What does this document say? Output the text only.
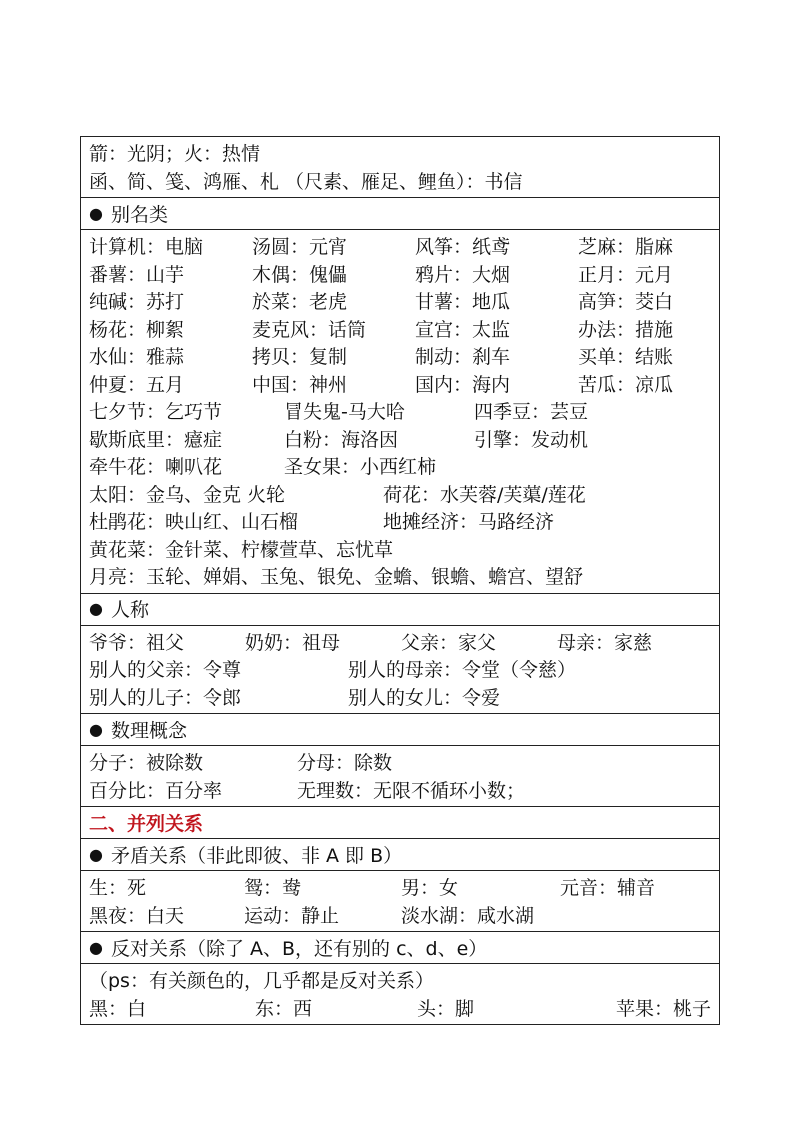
箭：光阴；火：热情
函、简、笺、鸿雁、札 （尺素、雁足、鲤鱼）：书信
● 别名类
计算机：电脑	汤圆：元宵	风筝：纸鸢	芝麻：脂麻
番薯：山芋	木偶：傀儡	鸦片：大烟	正月：元月
纯碱：苏打	於菜：老虎	甘薯：地瓜	高笋：茭白
杨花：柳絮	麦克风：话筒	宣宫：太监	办法：措施
水仙：雅蒜	拷贝：复制	制动：刹车	买单：结账
仲夏：五月	中国：神州	国内：海内	苦瓜：凉瓜
七夕节：乞巧节	冒失鬼-马大哈	四季豆：芸豆
歇斯底里：癔症	白粉：海洛因	引擎：发动机
牵牛花：喇叭花	圣女果：小西红柿
太阳：金乌、金克 火轮	荷花：水芙蓉/芙蕖/莲花
杜鹃花：映山红、山石榴	地摊经济：马路经济
黄花菜：金针菜、柠檬萱草、忘忧草
月亮：玉轮、婵娟、玉兔、银免、金蟾、银蟾、蟾宫、望舒
● 人称
爷爷：祖父	奶奶：祖母	父亲：家父	母亲：家慈
别人的父亲：令尊	别人的母亲：令堂（令慈）
别人的儿子：令郎	别人的女儿：令爱
● 数理概念
分子：被除数	分母：除数
百分比：百分率	无理数：无限不循环小数；
二、并列关系
● 矛盾关系（非此即彼、非 A 即 B）
生：死	鸳：鸯	男：女	元音：辅音
黑夜：白天	运动：静止	淡水湖：咸水湖
● 反对关系（除了 A、B，还有别的 c、d、e）
（ps：有关颜色的，几乎都是反对关系）
黑：白	东：西	头：脚	苹果：桃子
